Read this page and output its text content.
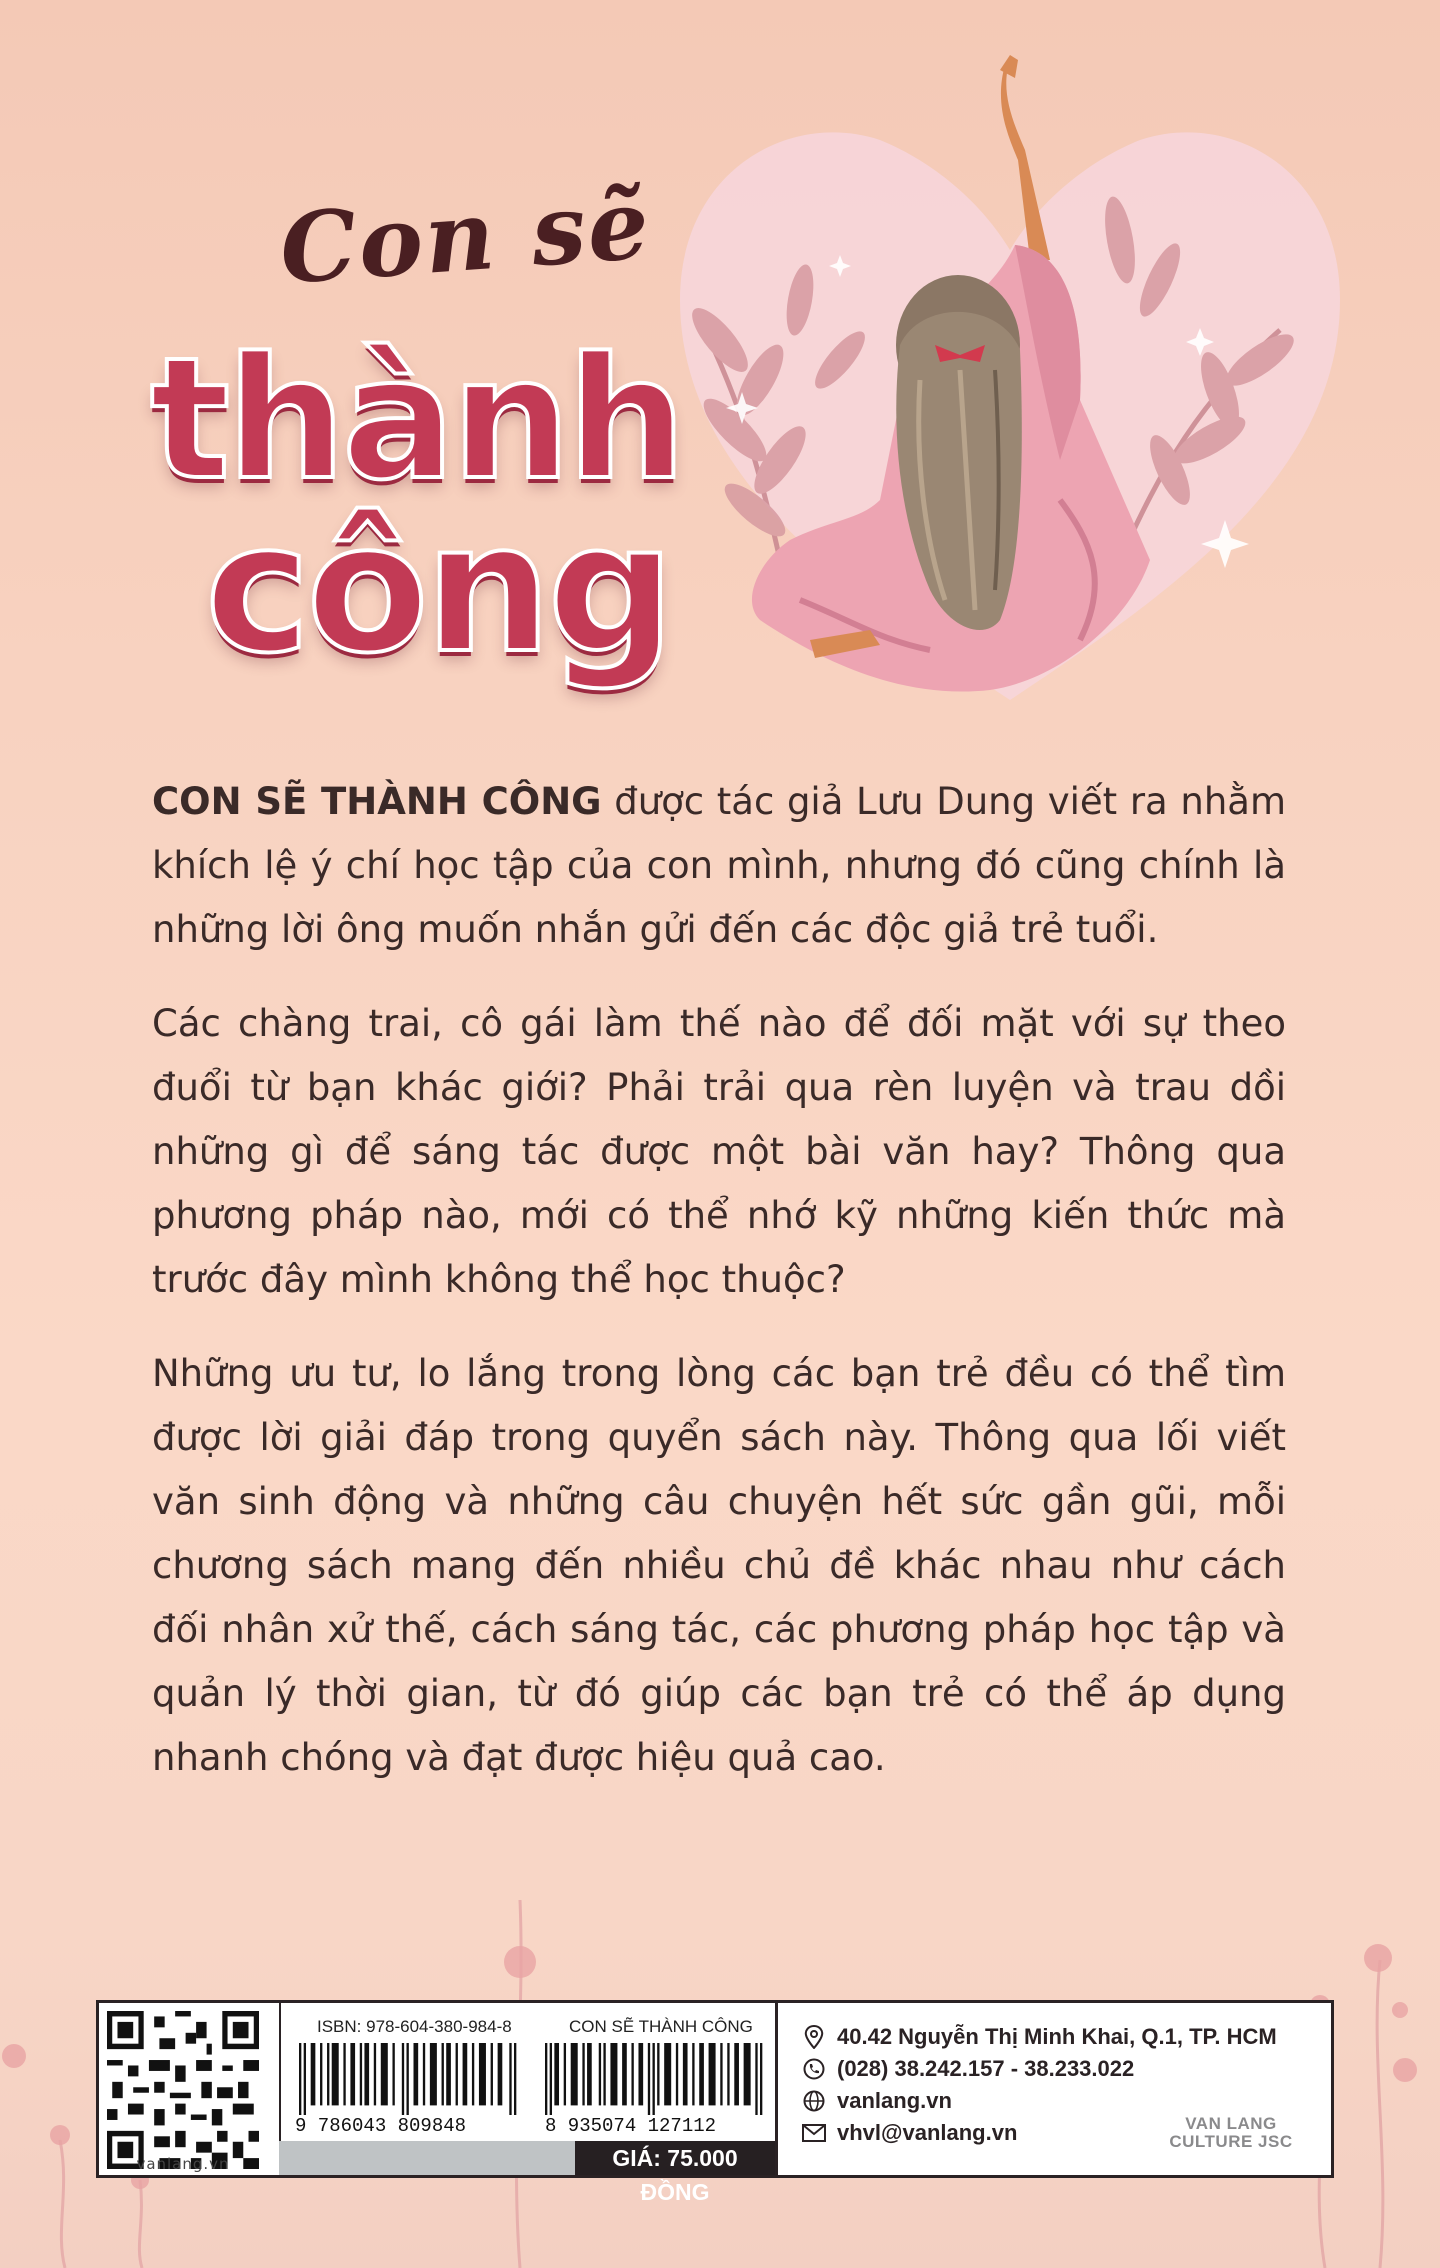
Con sẽ
thành
công

CON SẼ THÀNH CÔNG được tác giả Lưu Dung viết ra nhằm khích lệ ý chí học tập của con mình, nhưng đó cũng chính là những lời ông muốn nhắn gửi đến các độc giả trẻ tuổi.

Các chàng trai, cô gái làm thế nào để đối mặt với sự theo đuổi từ bạn khác giới? Phải trải qua rèn luyện và trau dồi những gì để sáng tác được một bài văn hay? Thông qua phương pháp nào, mới có thể nhớ kỹ những kiến thức mà trước đây mình không thể học thuộc?

Những ưu tư, lo lắng trong lòng các bạn trẻ đều có thể tìm được lời giải đáp trong quyển sách này. Thông qua lối viết văn sinh động và những câu chuyện hết sức gần gũi, mỗi chương sách mang đến nhiều chủ đề khác nhau như cách đối nhân xử thế, cách sáng tác, các phương pháp học tập và quản lý thời gian, từ đó giúp các bạn trẻ có thể áp dụng nhanh chóng và đạt được hiệu quả cao.

vanlang.vn
ISBN: 978-604-380-984-8	CON SẼ THÀNH CÔNG
9 786043 809848	8 935074 127112
GIÁ: 75.000 ĐỒNG
40.42 Nguyễn Thị Minh Khai, Q.1, TP. HCM
(028) 38.242.157 - 38.233.022
vanlang.vn
vhvl@vanlang.vn	VAN LANG
CULTURE JSC
